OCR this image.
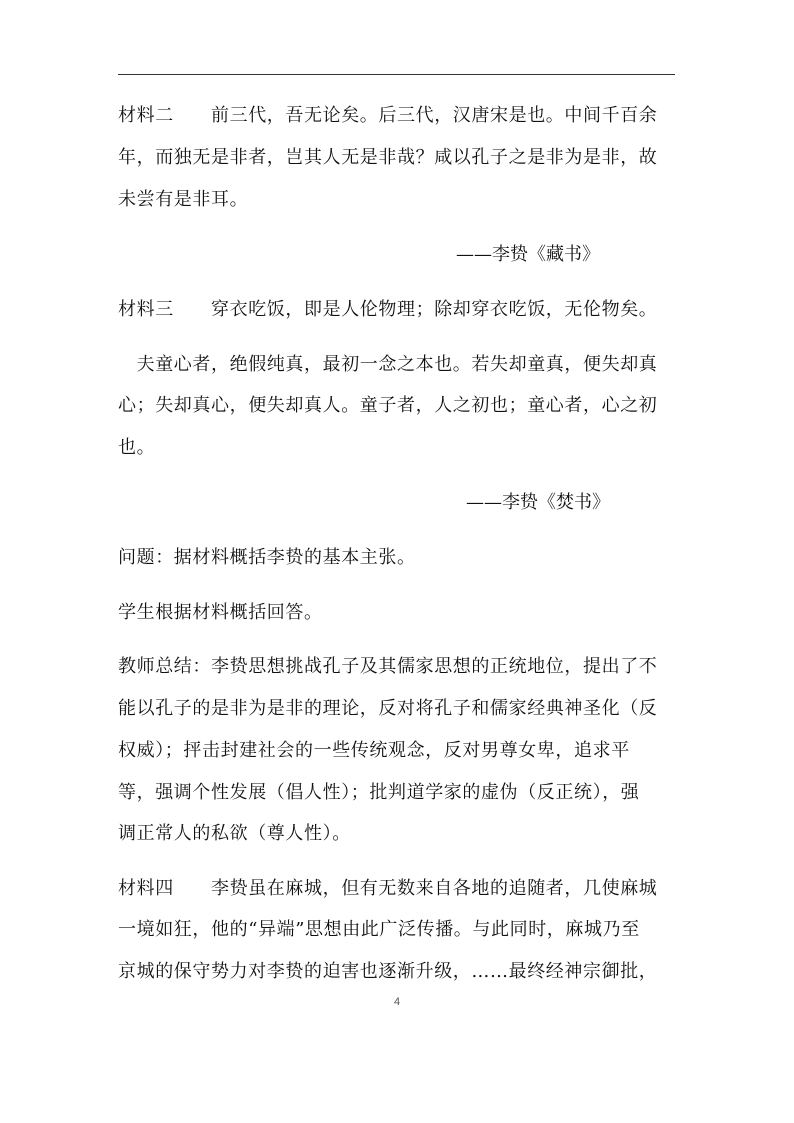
材料二　　前三代，吾无论矣。后三代，汉唐宋是也。中间千百余
年，而独无是非者，岂其人无是非哉？咸以孔子之是非为是非，故
未尝有是非耳。
——李贽《藏书》
材料三　　穿衣吃饭，即是人伦物理；除却穿衣吃饭，无伦物矣。
　夫童心者，绝假纯真，最初一念之本也。若失却童真，便失却真
心；失却真心，便失却真人。童子者，人之初也；童心者，心之初
也。
——李贽《焚书》
问题：据材料概括李贽的基本主张。
学生根据材料概括回答。
教师总结：李贽思想挑战孔子及其儒家思想的正统地位，提出了不
能以孔子的是非为是非的理论，反对将孔子和儒家经典神圣化（反
权威）；抨击封建社会的一些传统观念，反对男尊女卑，追求平
等，强调个性发展（倡人性）；批判道学家的虚伪（反正统），强
调正常人的私欲（尊人性）。
材料四　　李贽虽在麻城，但有无数来自各地的追随者，几使麻城
一境如狂，他的“异端”思想由此广泛传播。与此同时，麻城乃至
京城的保守势力对李贽的迫害也逐渐升级，……最终经神宗御批，
4
